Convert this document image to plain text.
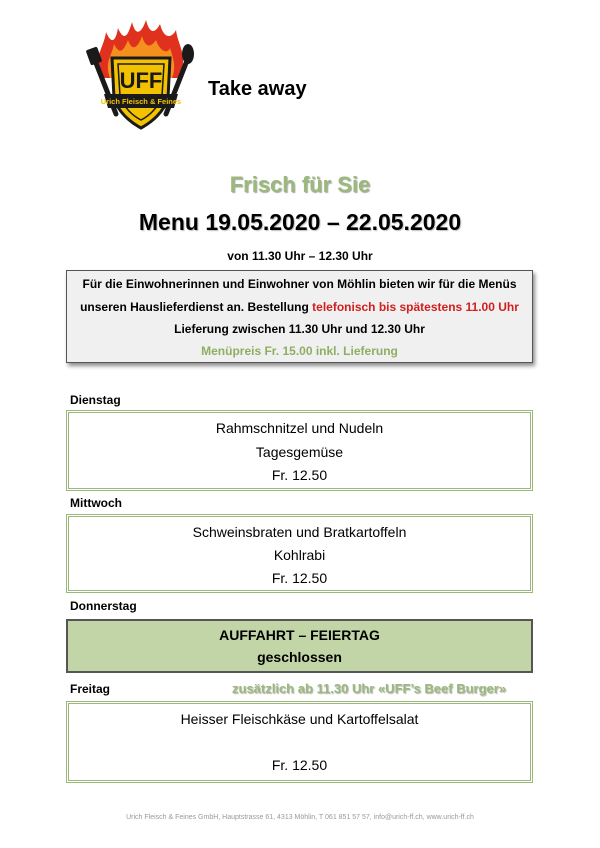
UFF
Urich Fleisch & Feines
Take away
Frisch für Sie
Menu 19.05.2020 – 22.05.2020
von 11.30 Uhr – 12.30 Uhr
Für die Einwohnerinnen und Einwohner von Möhlin bieten wir für die Menüs
unseren Hauslieferdienst an. Bestellung telefonisch bis spätestens 11.00 Uhr
Lieferung zwischen 11.30 Uhr und 12.30 Uhr
Menüpreis Fr. 15.00 inkl. Lieferung
Dienstag
Rahmschnitzel und Nudeln
Tagesgemüse
Fr. 12.50
Mittwoch
Schweinsbraten und Bratkartoffeln
Kohlrabi
Fr. 12.50
Donnerstag
AUFFAHRT – FEIERTAG
geschlossen
Freitag	zusätzlich ab 11.30 Uhr «UFF’s Beef Burger»
Heisser Fleischkäse und Kartoffelsalat
Fr. 12.50
Urich Fleisch & Feines GmbH, Hauptstrasse 61, 4313 Möhlin, T 061 851 57 57, info@urich-ff.ch, www.urich-ff.ch
